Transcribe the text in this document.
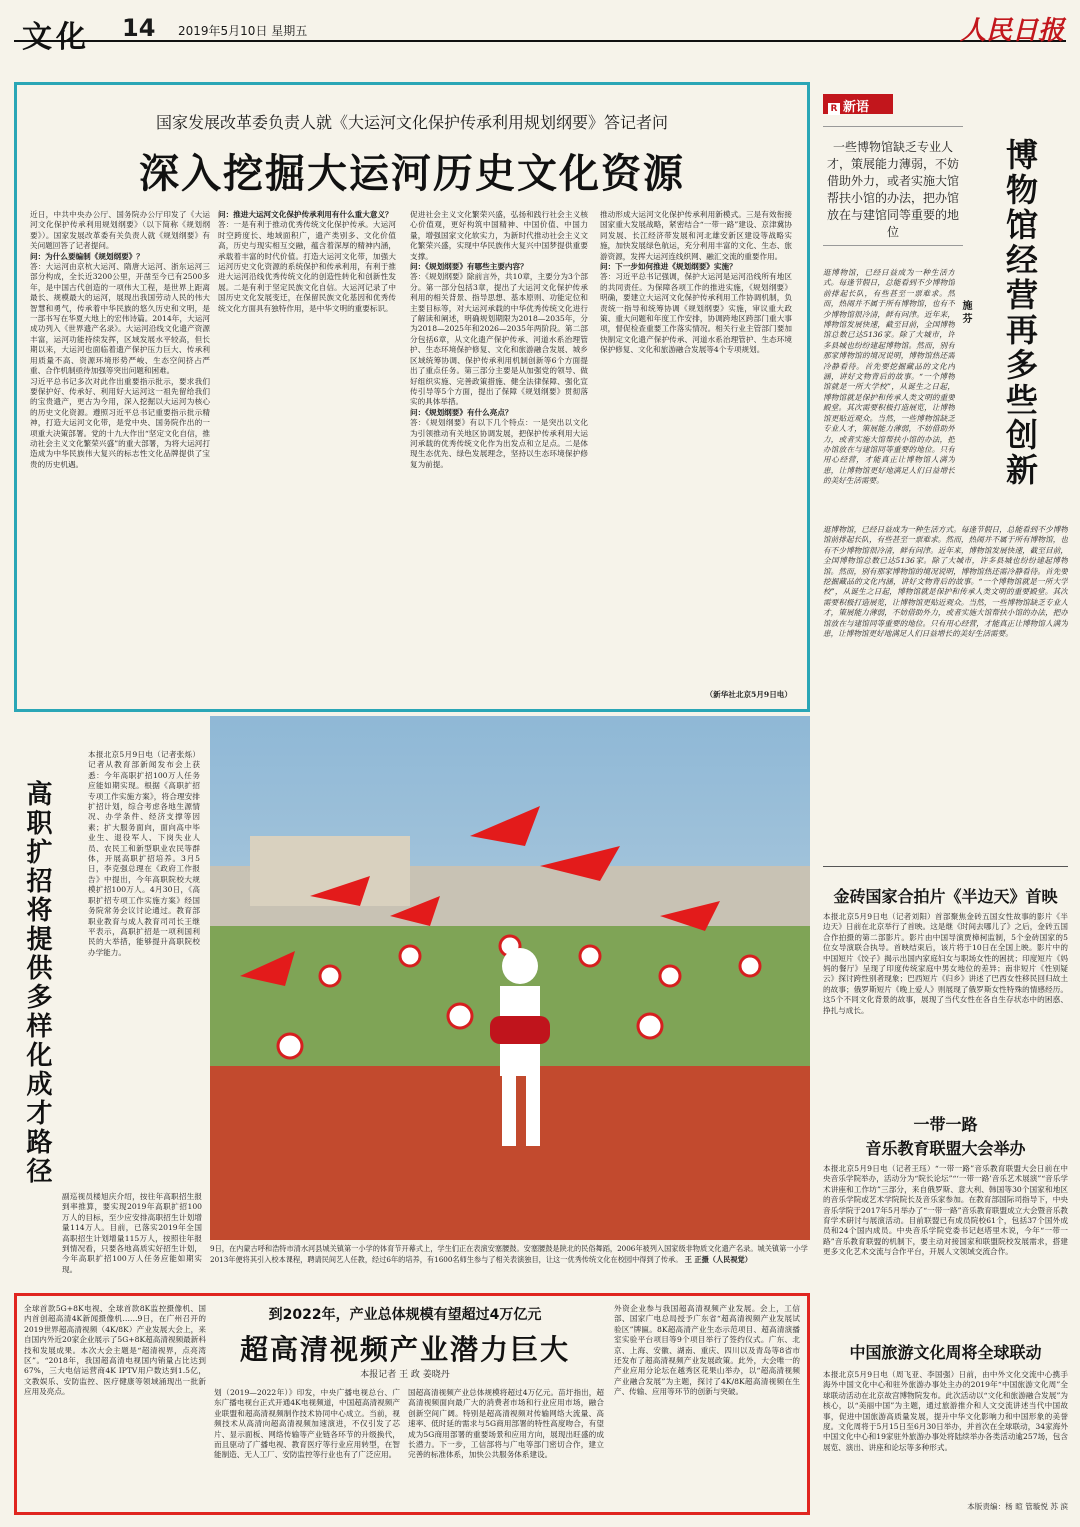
文化 14 2019年5月10日 星期五	人民日报
国家发展改革委负责人就《大运河文化保护传承利用规划纲要》答记者问
深入挖掘大运河历史文化资源

近日，中共中央办公厅、国务院办公厅印发了《大运河文化保护传承利用规划纲要》（以下简称《规划纲要》）。国家发展改革委有关负责人就《规划纲要》有关问题回答了记者提问。

问：为什么要编制《规划纲要》？

答：大运河由京杭大运河、隋唐大运河、浙东运河三部分构成，全长近3200公里，开凿至今已有2500多年，是中国古代创造的一项伟大工程，是世界上距离最长、规模最大的运河，展现出我国劳动人民的伟大智慧和勇气，传承着中华民族的悠久历史和文明，是一部书写在华夏大地上的宏伟诗篇。2014年，大运河成功列入《世界遗产名录》。大运河沿线文化遗产资源丰富，运河功能持续发挥，区域发展水平较高，但长期以来，大运河也面临着遗产保护压力巨大、传承利用质量不高、资源环境形势严峻、生态空间挤占严重、合作机制亟待加强等突出问题和困难。

习近平总书记多次对此作出重要指示批示，要求我们要保护好、传承好、利用好大运河这一祖先留给我们的宝贵遗产，更古为今用，深入挖掘以大运河为核心的历史文化资源。遵照习近平总书记重要指示批示精神，打造大运河文化带，是党中央、国务院作出的一项重大决策部署。党的十九大作出“坚定文化自信，推动社会主义文化繁荣兴盛”的重大部署，为将大运河打造成为中华民族伟大复兴的标志性文化品牌提供了宝贵的历史机遇。

问：推进大运河文化保护传承利用有什么重大意义？

答：一是有利于推动优秀传统文化保护传承。大运河时空跨度长、地域面积广，遗产类别多、文化价值高，历史与现实相互交融，蕴含着深厚的精神内涵，承载着丰富的时代价值。打造大运河文化带，加强大运河历史文化资源的系统保护和传承利用，有利于推进大运河沿线优秀传统文化的创造性转化和创新性发展。二是有利于坚定民族文化自信。大运河记录了中国历史文化发展变迁，在保留民族文化基因和优秀传统文化方面具有独特作用，是中华文明的重要标识。

促进社会主义文化繁荣兴盛，弘扬和践行社会主义核心价值观，更好构筑中国精神、中国价值、中国力量，增强国家文化软实力，为新时代推动社会主义文化繁荣兴盛，实现中华民族伟大复兴中国梦提供重要支撑。

问：《规划纲要》有哪些主要内容？

答：《规划纲要》除前言外，共10章，主要分为3个部分。第一部分包括3章，提出了大运河文化保护传承利用的相关背景、指导思想、基本原则、功能定位和主要目标等，对大运河承载的中华优秀传统文化进行了解读和阐述，明确规划期限为2018—2035年，分为2018—2025年和2026—2035年两阶段。第二部分包括6章，从文化遗产保护传承、河道水系治理管护、生态环境保护修复、文化和旅游融合发展、城乡区域统筹协调、保护传承利用机制创新等6个方面提出了重点任务。第三部分主要是从加强党的领导、做好组织实施、完善政策措施、健全法律保障、强化宣传引导等5个方面，提出了保障《规划纲要》贯彻落实的具体举措。

问：《规划纲要》有什么亮点？

答：《规划纲要》有以下几个特点：一是突出以文化为引领推动有关地区协调发展，把保护传承利用大运河承载的优秀传统文化作为出发点和立足点。二是体现生态优先、绿色发展理念，坚持以生态环境保护修复为前提。

推动形成大运河文化保护传承利用新模式。三是有效衔接国家重大发展战略，紧密结合“一带一路”建设、京津冀协同发展、长江经济带发展和河北雄安新区建设等战略实施，加快发展绿色航运，充分利用丰富的文化、生态、旅游资源，发挥大运河连线织网、融汇交流的重要作用。

问：下一步如何推进《规划纲要》实施？

答：习近平总书记强调，保护大运河是运河沿线所有地区的共同责任。为保障各项工作的推进实施，《规划纲要》明确，要建立大运河文化保护传承利用工作协调机制，负责统一指导和统筹协调《规划纲要》实施，审议重大政策、重大问题和年度工作安排，协调跨地区跨部门重大事项，督促检查重要工作落实情况。相关行业主管部门要加快制定文化遗产保护传承、河道水系治理管护、生态环境保护修复、文化和旅游融合发展等4个专项规划。

（新华社北京5月9日电）
R 新语
一些博物馆缺乏专业人才，策展能力薄弱，不妨借助外力，或者实施大馆帮扶小馆的办法，把办馆放在与建馆同等重要的地位	博物馆经营再多些创新
施芬

逛博物馆，已经日益成为一种生活方式。每逢节假日，总能看到不少博物馆前排起长队，有些甚至一票难求。然而，热闹并不属于所有博物馆，也有不少博物馆很冷清，鲜有问津。近年来，博物馆发展快速，截至目前，全国博物馆总数已达5136家。除了大城市，许多县城也纷纷建起博物馆。然而，别有那家博物馆的境况说明，博物馆热还需冷静看待。首先要挖掘藏品的文化内涵，讲好文物背后的故事。“一个博物馆就是一所大学校”，从诞生之日起，博物馆就是保护和传承人类文明的重要殿堂。其次需要积极打造展览，让博物馆更贴近观众。当然，一些博物馆缺乏专业人才，策展能力薄弱，不妨借助外力，或者实施大馆帮扶小馆的办法，把办馆放在与建馆同等重要的地位。只有用心经营，才能真正让博物馆人满为患，让博物馆更好地满足人们日益增长的美好生活需要。

逛博物馆，已经日益成为一种生活方式。每逢节假日，总能看到不少博物馆前排起长队，有些甚至一票难求。然而，热闹并不属于所有博物馆，也有不少博物馆很冷清，鲜有问津。近年来，博物馆发展快速，截至目前，全国博物馆总数已达5136家。除了大城市，许多县城也纷纷建起博物馆。然而，别有那家博物馆的境况说明，博物馆热还需冷静看待。首先要挖掘藏品的文化内涵，讲好文物背后的故事。“一个博物馆就是一所大学校”，从诞生之日起，博物馆就是保护和传承人类文明的重要殿堂。其次需要积极打造展览，让博物馆更贴近观众。当然，一些博物馆缺乏专业人才，策展能力薄弱，不妨借助外力，或者实施大馆帮扶小馆的办法，把办馆放在与建馆同等重要的地位。只有用心经营，才能真正让博物馆人满为患，让博物馆更好地满足人们日益增长的美好生活需要。

高职扩招将提供多样化成才路径

本报北京5月9日电（记者张烁）记者从教育部新闻发布会上获悉：今年高职扩招100万人任务应能如期实现。根据《高职扩招专项工作实施方案》，将合理安排扩招计划，综合考虑各地生源情况、办学条件、经济支撑等因素；扩大服务面向，面向高中毕业生、退役军人、下岗失业人员、农民工和新型职业农民等群体，开展高职扩招培养。3月5日，李克强总理在《政府工作报告》中提出，今年高职院校大规模扩招100万人。4月30日，《高职扩招专项工作实施方案》经国务院常务会议讨论通过。教育部职业教育与成人教育司司长王继平表示，高职扩招是一项利国利民的大举措，能够提升高职院校办学能力。

副巡视员楼旭庆介绍，按往年高职招生报到率推算，要实现2019年高职扩招100万人的目标，至少应安排高职招生计划增量114万人。目前，已落实2019年全国高职招生计划增量115万人，按照往年报到情况看，只要各地高质实好招生计划，今年高职扩招100万人任务应能如期实现。

9日，在内蒙古呼和浩特市清水河县城关镇第一小学的体育节开幕式上，学生们正在表演安塞腰鼓。安塞腰鼓是陕北的民俗舞蹈，2006年被列入国家级非物质文化遗产名录。城关镇第一小学2013年便将其引入校本课程，聘请民间艺人任教，经过6年的培养，有1600名师生参与了相关表演独目，让这一优秀传统文化在校园中得到了传承。 王 正摄（人民视觉）
金砖国家合拍片《半边天》首映

本报北京5月9日电（记者刘阳）首部聚焦金砖五国女性故事的影片《半边天》日前在北京举行了首映。这是继《时间去哪儿了》之后，金砖五国合作拍摄的第二部影片。影片由中国导演贾樟柯监制，5个金砖国家的5位女导演联合执导。首映结束后，该片将于10日在全国上映。影片中的中国短片《饺子》揭示出国内家庭妇女与职场女性的困扰；印度短片《妈妈的餐厅》呈现了印度传统家庭中男女地位的差异；南非短片《性别疑云》探讨跨性别者现象；巴西短片《归乡》讲述了巴西女性移民回归故土的故事；俄罗斯短片《晚上爱人》则展现了俄罗斯女性特殊的情感经历。这5个不同文化背景的故事，展现了当代女性在各自生存状态中的困惑、挣扎与成长。

一带一路
音乐教育联盟大会举办

本报北京5月9日电（记者王珏）“一带一路”音乐教育联盟大会日前在中央音乐学院举办，活动分为“院长论坛”“‘一带一路’音乐艺术展演”“音乐学术讲座和工作坊”三部分，来自俄罗斯、意大利、韩国等30个国家和地区的音乐学院或艺术学院院长及音乐家参加。在教育部国际司指导下，中央音乐学院于2017年5月举办了“一带一路”音乐教育联盟成立大会暨音乐教育学术研讨与展演活动。目前联盟已有成员院校61个，包括37个国外成员和24个国内成员。中央音乐学院党委书记赵塔里木说，今年“一带一路”音乐教育联盟的机制下，要主动对接国家和联盟院校发展需求，搭建更多文化艺术交流与合作平台，开展人文领域交流合作。

中国旅游文化周将全球联动

本报北京5月9日电（周飞亚、李国强）日前，由中外文化交流中心携手海外中国文化中心和驻外旅游办事处主办的2019年“中国旅游文化周”全球联动活动在北京故宫博物院发布。此次活动以“文化和旅游融合发展”为核心，以“美丽中国”为主题，通过旅游推介和人文交流讲述当代中国故事，促进中国旅游高质量发展，提升中华文化影响力和中国形象的美誉度。文化周将于5月15日至6月30日举办，并首次在全球联动，34家海外中国文化中心和19家驻外旅游办事处将陆续举办各类活动逾257场，包含展览、演出、讲座和论坛等多种形式。

本版责编：杨 暄 管璇悦 苏 滨
到2022年，产业总体规模有望超过4万亿元
超高清视频产业潜力巨大
本报记者 王 政 姜晓丹

全球首款5G+8K电视、全球首款8K监控摄像机、国内首创超高清4K新闻摄像机……9日，在广州召开的2019世界超高清视频（4K/8K）产业发展大会上，来自国内外近20家企业展示了5G+8K超高清视频最新科技和发展成果。本次大会主题是“超清视界，点亮湾区”。“2018年，我国超高清电视国内销量占比达到67%，三大电信运营商4K IPTV用户数达到1.5亿，文教娱乐、安防监控、医疗健康等领域涌现出一批新应用及亮点。	划（2019—2022年）》印发，中央广播电视总台、广东广播电视台正式开通4K电视频道，中国超高清视频产业联盟和超高清视频制作技术协同中心成立。当前，视频技术从高清向超高清视频加速演进，不仅引发了芯片、显示面板、网络传输等产业链各环节的升级换代，而且驱动了广播电视、教育医疗等行业应用转型，在智能制造、无人工厂、安防监控等行业也有了广泛应用。

国超高清视频产业总体规模将超过4万亿元。苗圩指出，超高清视频面向最广大的消费者市场和行业应用市场，融合创新空间广阔。特别是超高清视频对传输网络大流量、高速率、低时延的需求与5G商用部署的特性高度吻合，有望成为5G商用部署的重要场景和应用方向，展现出旺盛的成长潜力。下一步，工信部将与广电等部门密切合作，建立完善的标准体系，加快公共服务体系建设。

外资企业参与我国超高清视频产业发展。会上，工信部、国家广电总局授予广东省“超高清视频产业发展试验区”牌匾。8K超高清产业生态示范项目、超高清演播室实验平台项目等9个项目举行了签约仪式。广东、北京、上海、安徽、湖南、重庆、四川以及青岛等8省市还发布了超高清视频产业发展政策。此外，大会唯一的产业应用分论坛在越秀区花果山举办，以“超高清视频产业融合发展”为主题，探讨了4K/8K超高清视频在生产、传输、应用等环节的创新与突破。
